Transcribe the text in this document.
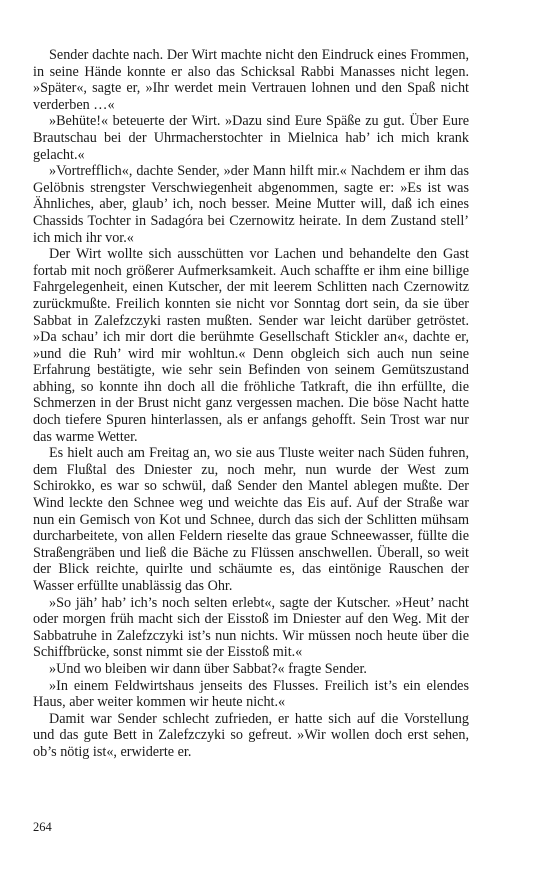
Sender dachte nach. Der Wirt machte nicht den Eindruck eines Frommen, in seine Hände konnte er also das Schicksal Rabbi Manasses nicht legen. »Später«, sagte er, »Ihr werdet mein Vertrauen lohnen und den Spaß nicht verderben …«

»Behüte!« beteuerte der Wirt. »Dazu sind Eure Späße zu gut. Über Eure Brautschau bei der Uhrmacherstochter in Mielnica hab’ ich mich krank gelacht.«

»Vortrefflich«, dachte Sender, »der Mann hilft mir.« Nachdem er ihm das Gelöbnis strengster Verschwiegenheit abgenommen, sagte er: »Es ist was Ähnliches, aber, glaub’ ich, noch besser. Meine Mutter will, daß ich eines Chassids Tochter in Sadagóra bei Czernowitz heirate. In dem Zustand stell’ ich mich ihr vor.«

Der Wirt wollte sich ausschütten vor Lachen und behandelte den Gast fortab mit noch größerer Aufmerksamkeit. Auch schaffte er ihm eine billige Fahrgelegenheit, einen Kutscher, der mit leerem Schlitten nach Czernowitz zurückmußte. Freilich konnten sie nicht vor Sonntag dort sein, da sie über Sabbat in Zalefzczyki rasten mußten. Sender war leicht darüber getröstet. »Da schau’ ich mir dort die berühmte Gesellschaft Stickler an«, dachte er, »und die Ruh’ wird mir wohltun.« Denn obgleich sich auch nun seine Erfahrung bestätigte, wie sehr sein Befinden von seinem Gemütszustand abhing, so konnte ihn doch all die fröhliche Tatkraft, die ihn erfüllte, die Schmerzen in der Brust nicht ganz vergessen machen. Die böse Nacht hatte doch tiefere Spuren hinterlassen, als er anfangs gehofft. Sein Trost war nur das warme Wetter.

Es hielt auch am Freitag an, wo sie aus Tluste weiter nach Süden fuhren, dem Flußtal des Dniester zu, noch mehr, nun wurde der West zum Schirokko, es war so schwül, daß Sender den Mantel ablegen mußte. Der Wind leckte den Schnee weg und weichte das Eis auf. Auf der Straße war nun ein Gemisch von Kot und Schnee, durch das sich der Schlitten mühsam durcharbeitete, von allen Feldern rieselte das graue Schneewasser, füllte die Straßengräben und ließ die Bäche zu Flüssen anschwellen. Überall, so weit der Blick reichte, quirlte und schäumte es, das eintönige Rauschen der Wasser erfüllte unablässig das Ohr.

»So jäh’ hab’ ich’s noch selten erlebt«, sagte der Kutscher. »Heut’ nacht oder morgen früh macht sich der Eisstoß im Dniester auf den Weg. Mit der Sabbatruhe in Zalefzczyki ist’s nun nichts. Wir müssen noch heute über die Schiffbrücke, sonst nimmt sie der Eisstoß mit.«

»Und wo bleiben wir dann über Sabbat?« fragte Sender.

»In einem Feldwirtshaus jenseits des Flusses. Freilich ist’s ein elendes Haus, aber weiter kommen wir heute nicht.«

Damit war Sender schlecht zufrieden, er hatte sich auf die Vorstellung und das gute Bett in Zalefzczyki so gefreut. »Wir wollen doch erst sehen, ob’s nötig ist«, erwiderte er.

264
